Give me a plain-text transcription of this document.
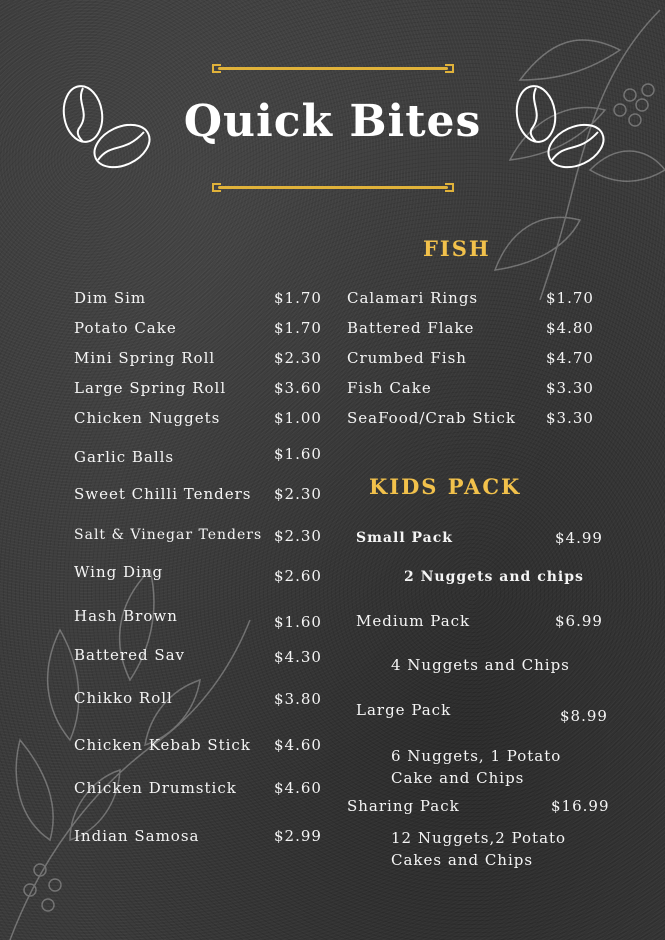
Quick Bites
FISH
KIDS PACK
Dim Sim	$1.70
Potato Cake	$1.70
Mini Spring Roll	$2.30
Large Spring Roll	$3.60
Chicken Nuggets	$1.00
Garlic Balls	$1.60
Sweet Chilli Tenders $2.30
Salt & Vinegar Tenders $2.30
Wing Ding	$2.60
Hash Brown	$1.60
Battered Sav	$4.30
Chikko Roll	$3.80
Chicken Kebab Stick $4.60
Chicken Drumstick $4.60
Indian Samosa	$2.99
Calamari Rings	$1.70
Battered Flake	$4.80
Crumbed Fish	$4.70
Fish Cake	$3.30
SeaFood/Crab Stick $3.30
Small Pack	$4.99
2 Nuggets and chips
Medium Pack	$6.99
4 Nuggets and Chips
Large Pack	$8.99
6 Nuggets, 1 Potato Cake and Chips
Sharing Pack	$16.99
12 Nuggets,2 Potato Cakes and Chips
